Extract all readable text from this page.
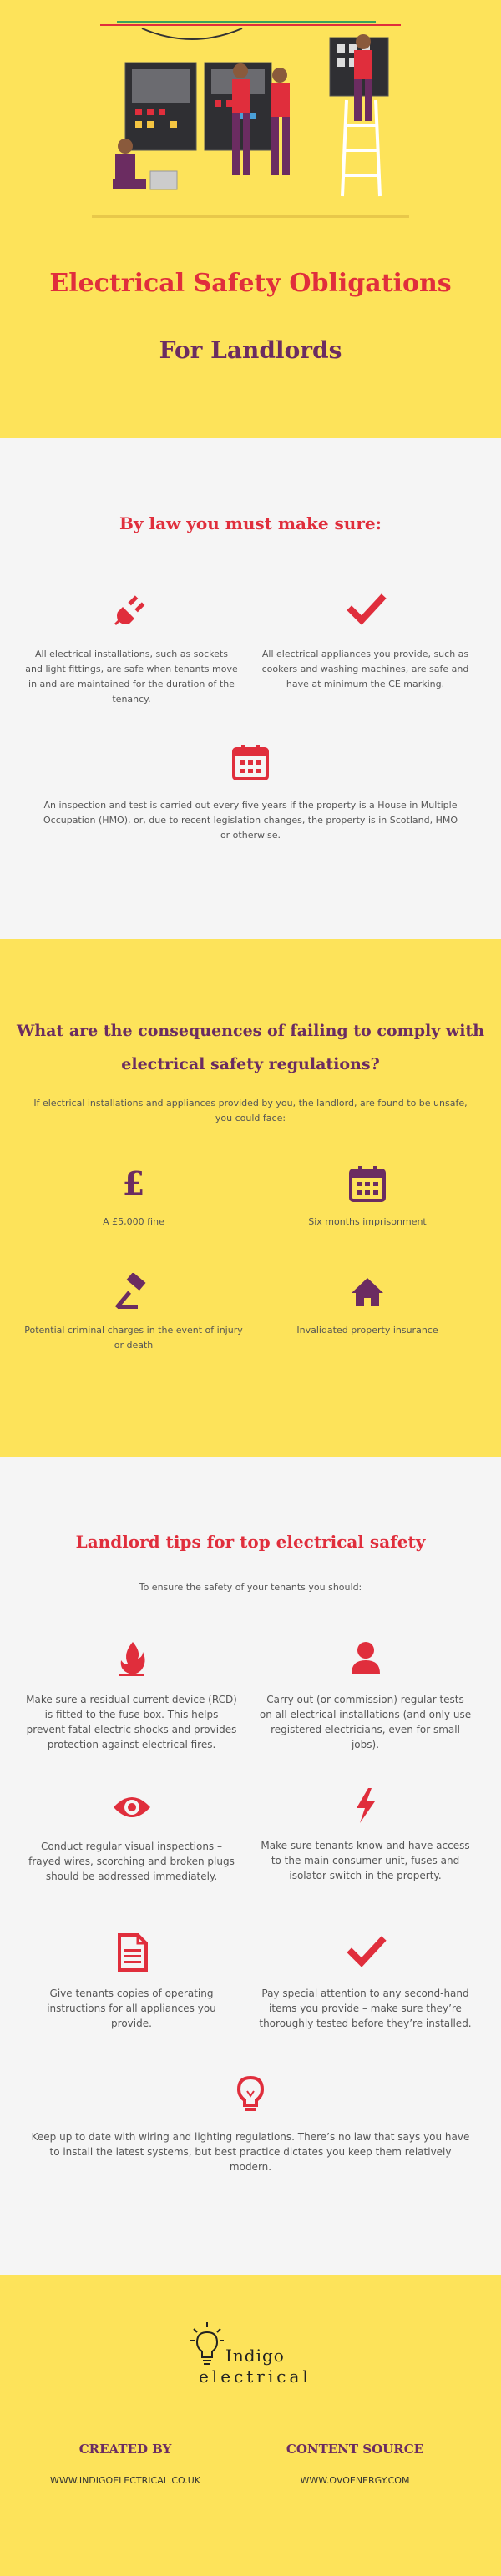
Electrical Safety Obligations
For Landlords
By law you must make sure:
All electrical installations, such as sockets and light fittings, are safe when tenants move in and are maintained for the duration of the tenancy.
All electrical appliances you provide, such as cookers and washing machines, are safe and have at minimum the CE marking.
An inspection and test is carried out every five years if the property is a House in Multiple Occupation (HMO), or, due to recent legislation changes, the property is in Scotland, HMO or otherwise.
What are the consequences of failing to comply with
electrical safety regulations?
If electrical installations and appliances provided by you, the landlord, are found to be unsafe,
you could face:
£
A £5,000 fine	Six months imprisonment
Potential criminal charges in the event of injury or death
Invalidated property insurance
Landlord tips for top electrical safety
To ensure the safety of your tenants you should:
Make sure a residual current device (RCD) is fitted to the fuse box. This helps prevent fatal electric shocks and provides protection against electrical fires.
Carry out (or commission) regular tests on all electrical installations (and only use registered electricians, even for small jobs).
Conduct regular visual inspections – frayed wires, scorching and broken plugs should be addressed immediately.
Make sure tenants know and have access to the main consumer unit, fuses and isolator switch in the property.
Give tenants copies of operating instructions for all appliances you provide.
Pay special attention to any second-hand items you provide – make sure they’re thoroughly tested before they’re installed.
Keep up to date with wiring and lighting regulations. There’s no law that says you have to install the latest systems, but best practice dictates you keep them relatively modern.
Indigo
electrical
CREATED BY
WWW.INDIGOELECTRICAL.CO.UK
CONTENT SOURCE
WWW.OVOENERGY.COM
